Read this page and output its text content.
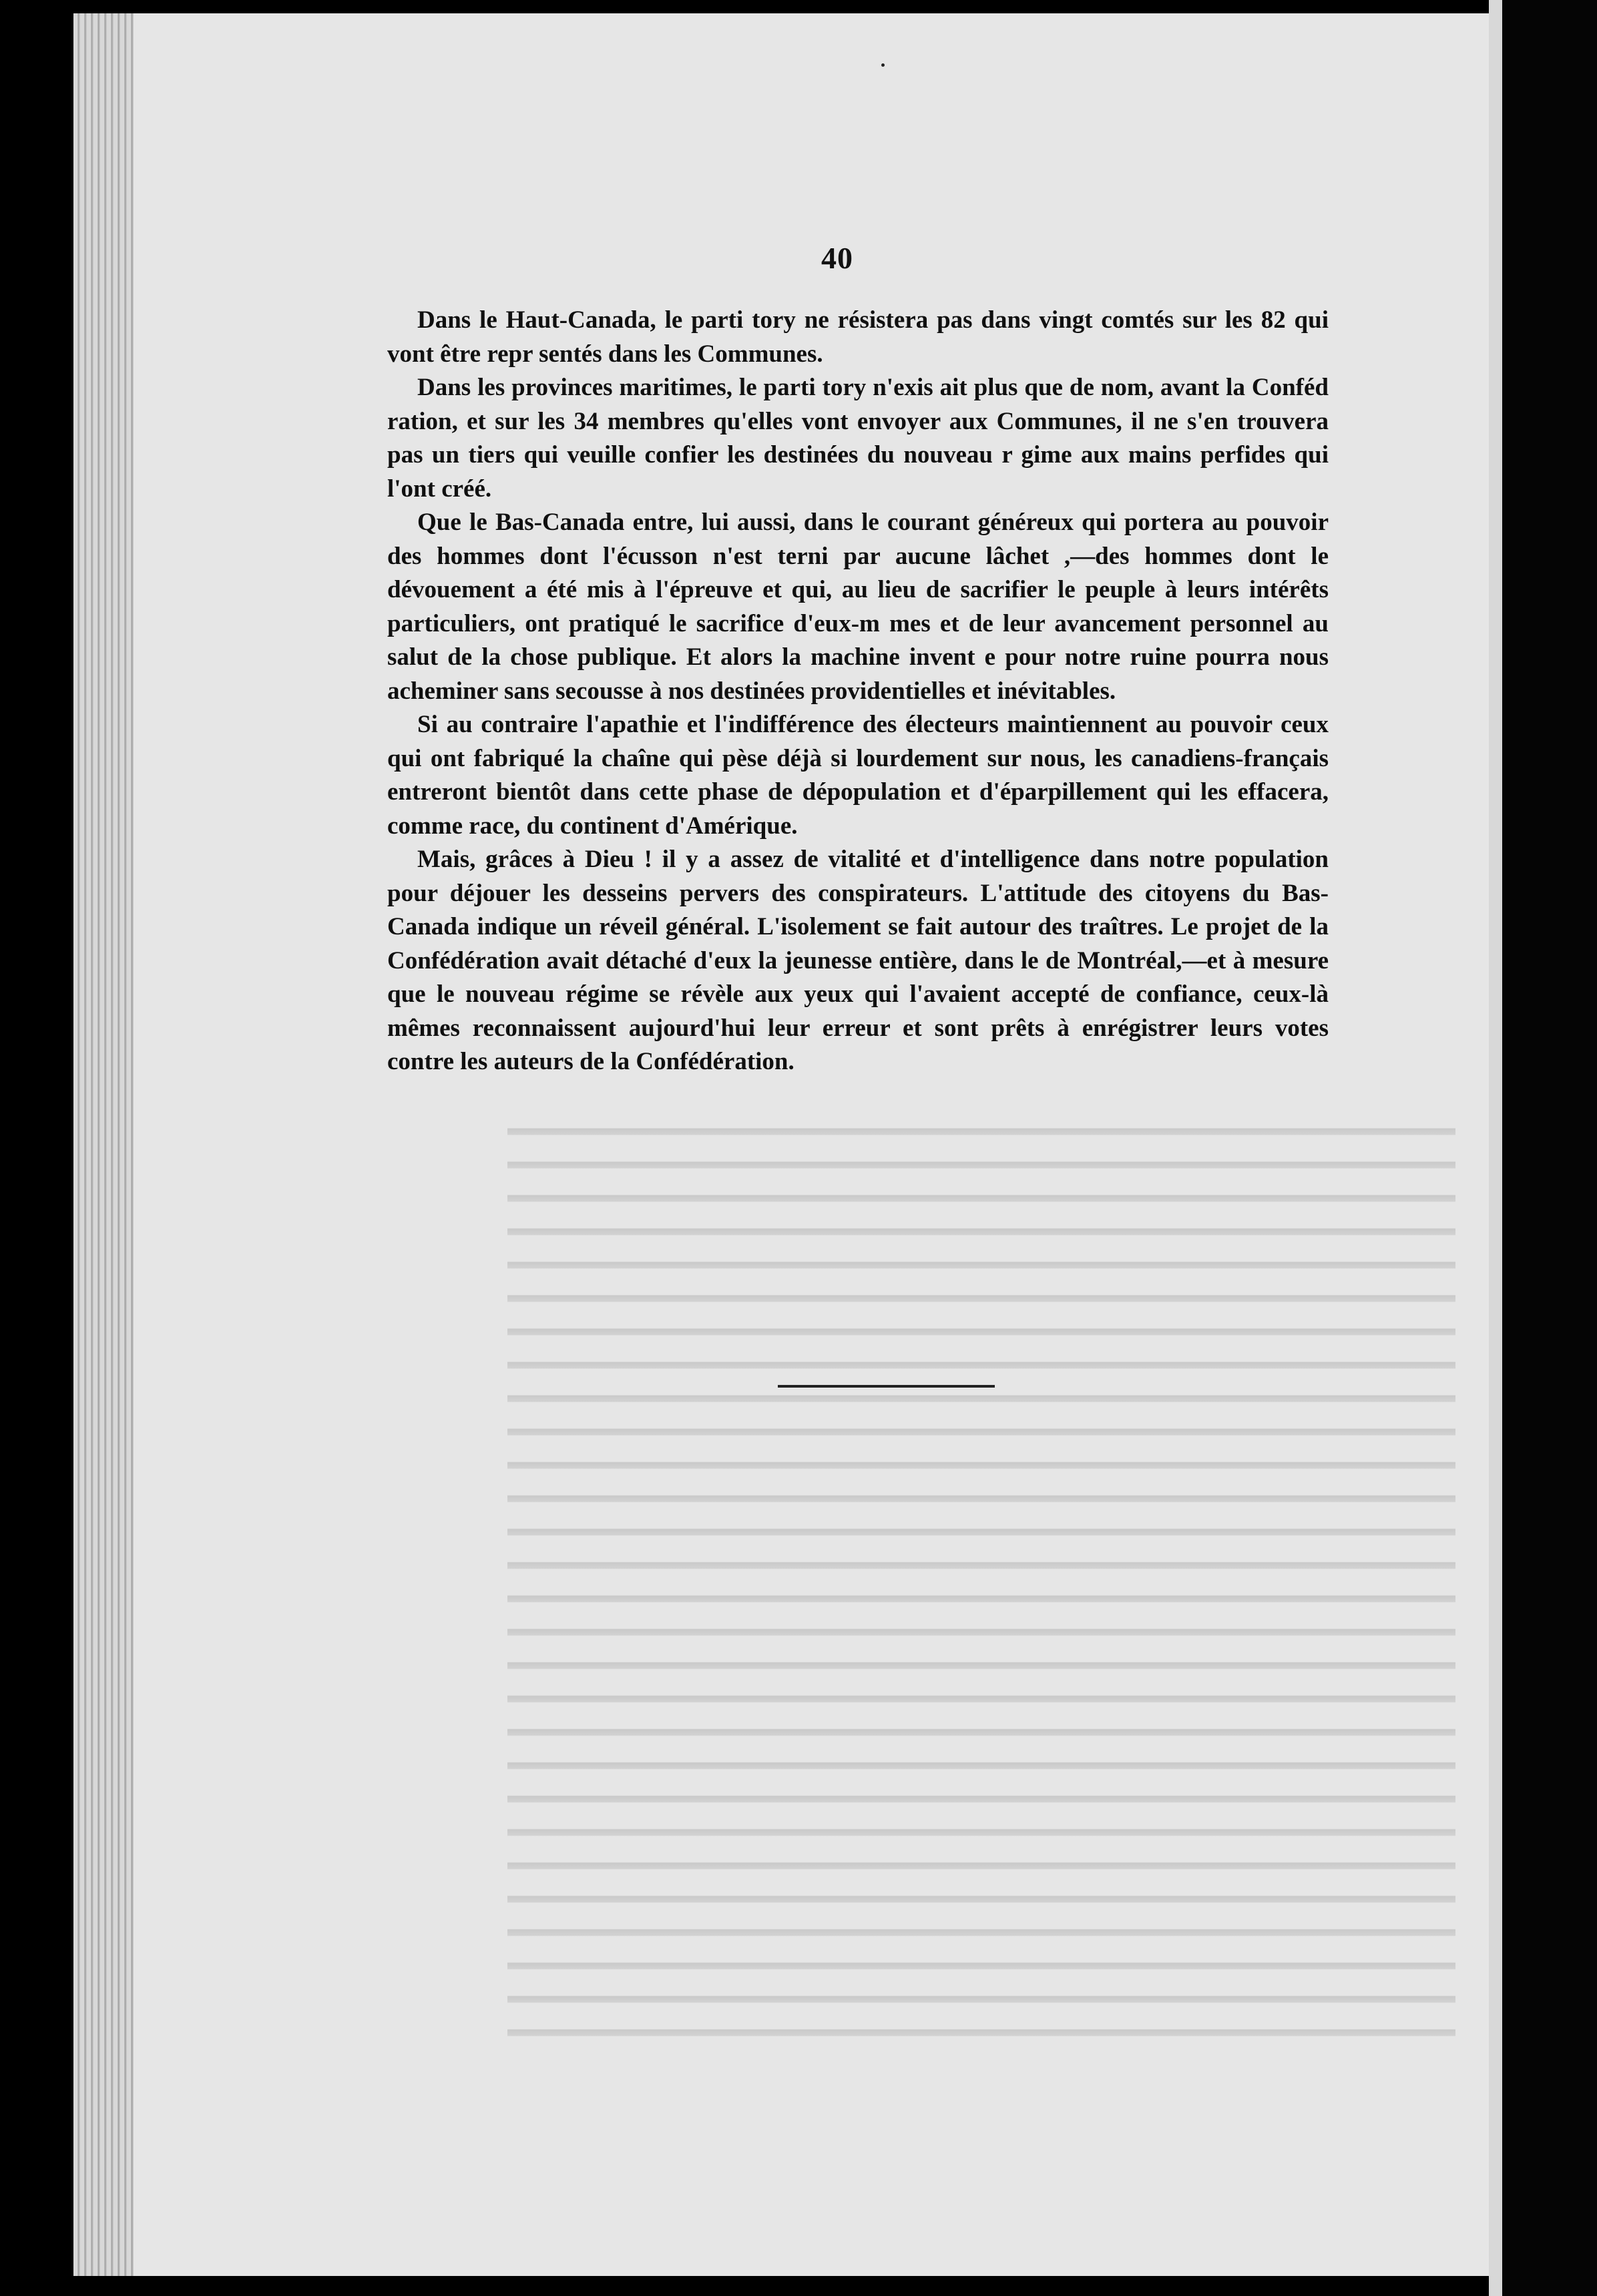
40

Dans le Haut-Canada, le parti tory ne résistera pas dans vingt comtés sur les 82 qui vont être repr sentés dans les Communes.

Dans les provinces maritimes, le parti tory n'exis ait plus que de nom, avant la Conféd ration, et sur les 34 membres qu'elles vont envoyer aux Communes, il ne s'en trouvera pas un tiers qui veuille confier les destinées du nouveau r gime aux mains perfides qui l'ont créé.

Que le Bas-Canada entre, lui aussi, dans le courant généreux qui portera au pouvoir des hommes dont l'écusson n'est terni par aucune lâchet ,—des hommes dont le dévouement a été mis à l'épreuve et qui, au lieu de sacrifier le peuple à leurs intérêts particuliers, ont pratiqué le sacrifice d'eux-m mes et de leur avancement personnel au salut de la chose publique. Et alors la machine invent e pour notre ruine pourra nous acheminer sans secousse à nos destinées providentielles et inévitables.

Si au contraire l'apathie et l'indifférence des électeurs maintiennent au pouvoir ceux qui ont fabriqué la chaîne qui pèse déjà si lourdement sur nous, les canadiens-français entreront bientôt dans cette phase de dépopulation et d'éparpillement qui les effacera, comme race, du continent d'Amérique.

Mais, grâces à Dieu ! il y a assez de vitalité et d'intelligence dans notre population pour déjouer les desseins pervers des conspirateurs. L'attitude des citoyens du Bas-Canada indique un réveil général. L'isolement se fait autour des traîtres. Le projet de la Confédération avait détaché d'eux la jeunesse entière, dans le de Montréal,—et à mesure que le nouveau régime se révèle aux yeux qui l'avaient accepté de confiance, ceux-là mêmes reconnaissent aujourd'hui leur erreur et sont prêts à enrégistrer leurs votes contre les auteurs de la Confédération.
